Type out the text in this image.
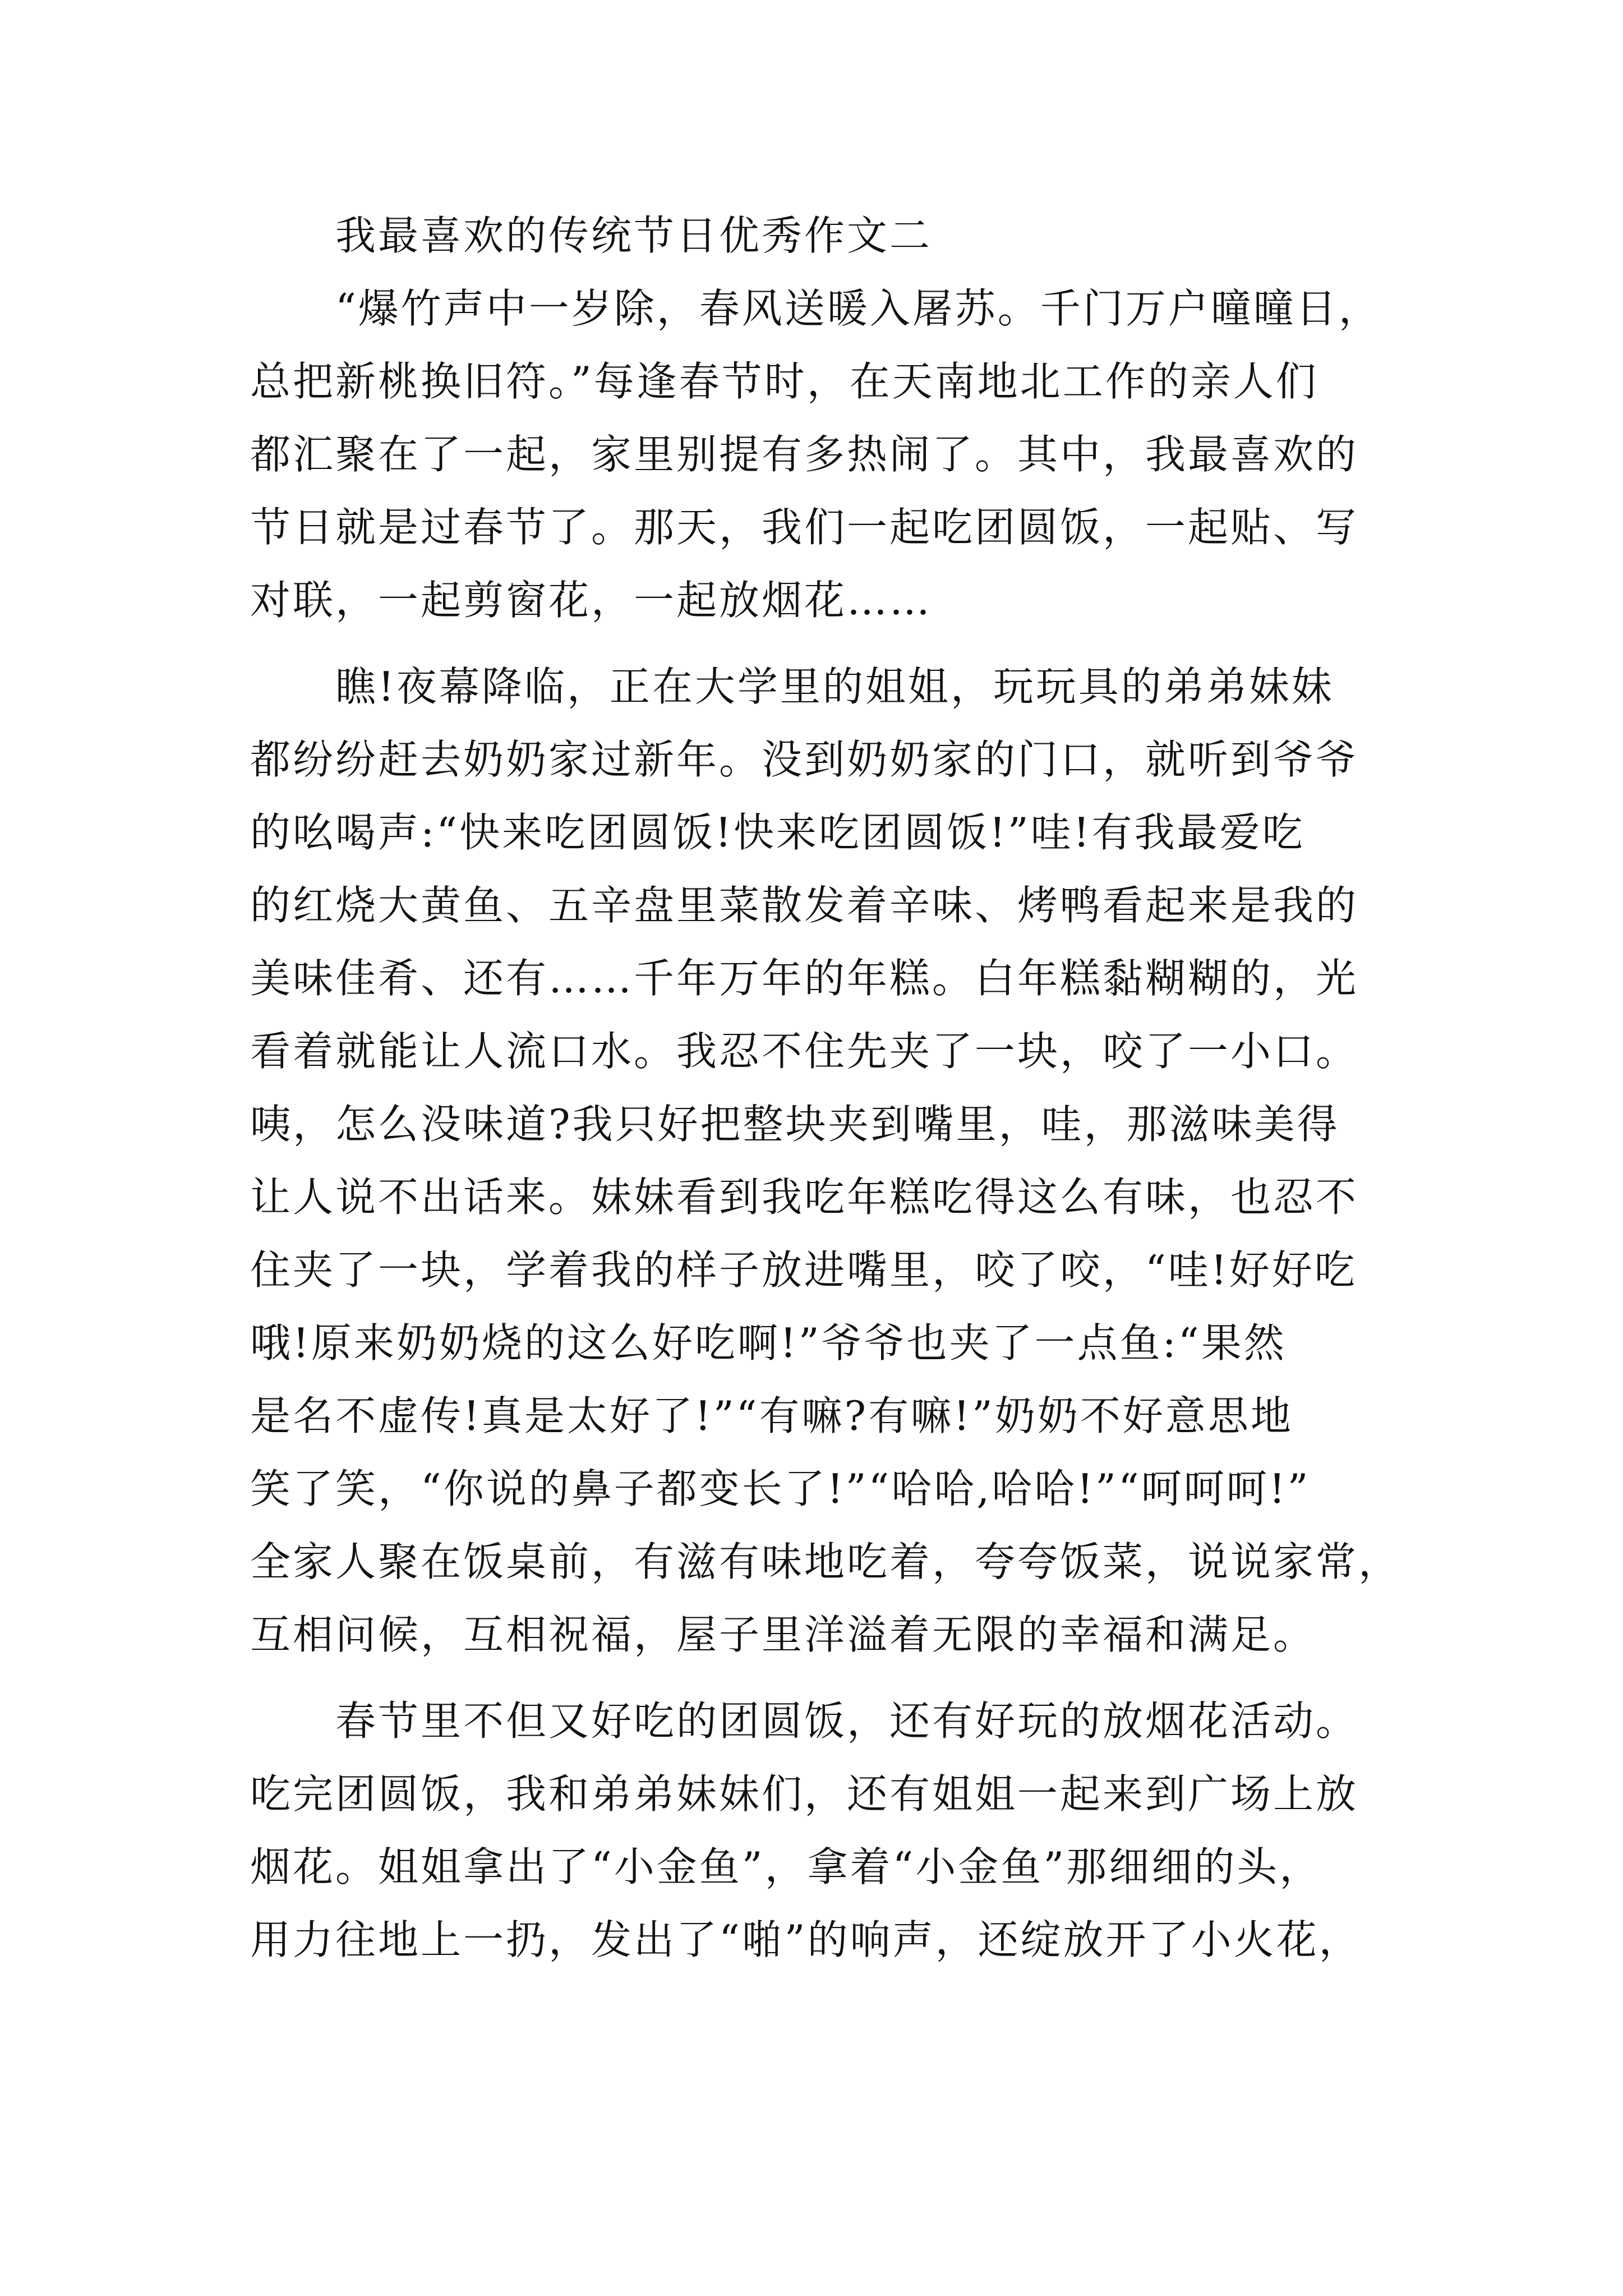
我最喜欢的传统节日优秀作文二
“爆竹声中一岁除，春风送暖入屠苏。千门万户曈曈日，
总把新桃换旧符。”每逢春节时，在天南地北工作的亲人们
都汇聚在了一起，家里别提有多热闹了。其中，我最喜欢的
节日就是过春节了。那天，我们一起吃团圆饭，一起贴、写
对联，一起剪窗花，一起放烟花……
瞧!夜幕降临，正在大学里的姐姐，玩玩具的弟弟妹妹
都纷纷赶去奶奶家过新年。没到奶奶家的门口，就听到爷爷
的吆喝声:“快来吃团圆饭!快来吃团圆饭!”哇!有我最爱吃
的红烧大黄鱼、五辛盘里菜散发着辛味、烤鸭看起来是我的
美味佳肴、还有……千年万年的年糕。白年糕黏糊糊的，光
看着就能让人流口水。我忍不住先夹了一块，咬了一小口。
咦，怎么没味道?我只好把整块夹到嘴里，哇，那滋味美得
让人说不出话来。妹妹看到我吃年糕吃得这么有味，也忍不
住夹了一块，学着我的样子放进嘴里，咬了咬，“哇!好好吃
哦!原来奶奶烧的这么好吃啊!”爷爷也夹了一点鱼:“果然
是名不虚传!真是太好了!”“有嘛?有嘛!”奶奶不好意思地
笑了笑，“你说的鼻子都变长了!”“哈哈,哈哈!”“呵呵呵!”
全家人聚在饭桌前，有滋有味地吃着，夸夸饭菜，说说家常，
互相问候，互相祝福，屋子里洋溢着无限的幸福和满足。
春节里不但又好吃的团圆饭，还有好玩的放烟花活动。
吃完团圆饭，我和弟弟妹妹们，还有姐姐一起来到广场上放
烟花。姐姐拿出了“小金鱼”，拿着“小金鱼”那细细的头，
用力往地上一扔，发出了“啪”的响声，还绽放开了小火花，
